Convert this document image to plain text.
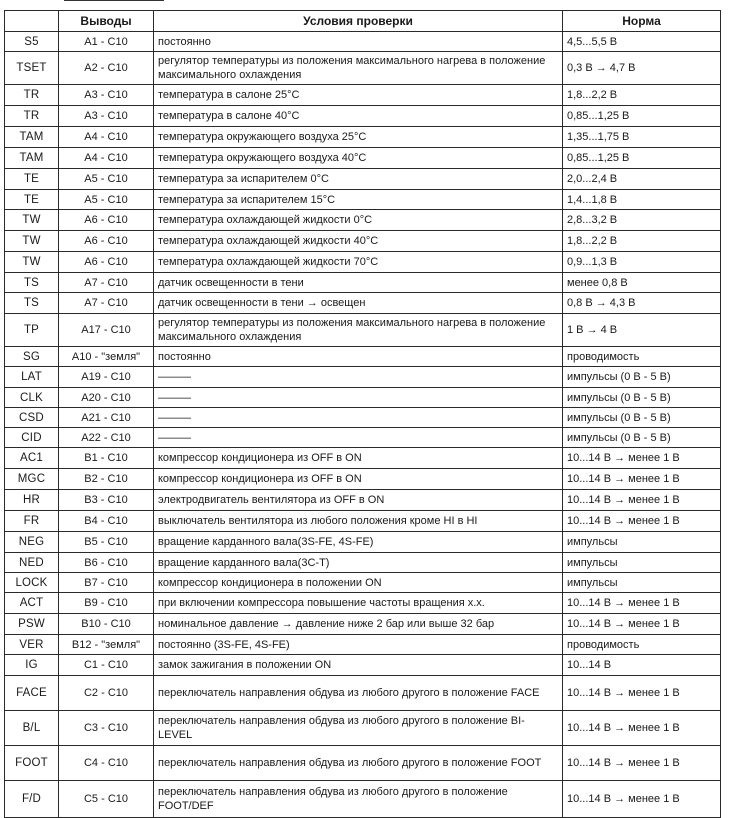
	Выводы	Условия проверки	Норма
S5	A1 - C10	постоянно	4,5...5,5 В
TSET	A2 - C10	регулятор температуры из положения максимального нагрева в положение максимального охлаждения	0,3 В → 4,7 В
TR	A3 - C10	температура в салоне 25°C	1,8...2,2 В
TR	A3 - C10	температура в салоне 40°C	0,85...1,25 В
TAM	A4 - C10	температура окружающего воздуха 25°C	1,35...1,75 В
TAM	A4 - C10	температура окружающего воздуха 40°C	0,85...1,25 В
TE	A5 - C10	температура за испарителем 0°C	2,0...2,4 В
TE	A5 - C10	температура за испарителем 15°C	1,4...1,8 В
TW	A6 - C10	температура охлаждающей жидкости 0°C	2,8...3,2 В
TW	A6 - C10	температура охлаждающей жидкости 40°C	1,8...2,2 В
TW	A6 - C10	температура охлаждающей жидкости 70°C	0,9...1,3 В
TS	A7 - C10	датчик освещенности в тени	менее 0,8 В
TS	A7 - C10	датчик освещенности в тени → освещен	0,8 В → 4,3 В
TP	A17 - C10	регулятор температуры из положения максимального нагрева в положение максимального охлаждения	1 В → 4 В
SG	A10 - "земля"	постоянно	проводимость
LAT	A19 - C10	———	импульсы (0 В - 5 В)
CLK	A20 - C10	———	импульсы (0 В - 5 В)
CSD	A21 - C10	———	импульсы (0 В - 5 В)
CID	A22 - C10	———	импульсы (0 В - 5 В)
AC1	B1 - C10	компрессор кондиционера из OFF в ON	10...14 В → менее 1 В
MGC	B2 - C10	компрессор кондиционера из OFF в ON	10...14 В → менее 1 В
HR	B3 - C10	электродвигатель вентилятора из OFF в ON	10...14 В → менее 1 В
FR	B4 - C10	выключатель вентилятора из любого положения кроме HI в HI	10...14 В → менее 1 В
NEG	B5 - C10	вращение карданного вала(3S-FE, 4S-FE)	импульсы
NED	B6 - C10	вращение карданного вала(3C-T)	импульсы
LOCK	B7 - C10	компрессор кондиционера в положении ON	импульсы
ACT	B9 - C10	при включении компрессора повышение частоты вращения х.х.	10...14 В → менее 1 В
PSW	B10 - C10	номинальное давление → давление ниже 2 бар или выше 32 бар	10...14 В → менее 1 В
VER	B12 - "земля"	постоянно (3S-FE, 4S-FE)	проводимость
IG	C1 - C10	замок зажигания в положении ON	10...14 В
FACE	C2 - C10	переключатель направления обдува из любого другого в положение FACE	10...14 В → менее 1 В
B/L	C3 - C10	переключатель направления обдува из любого другого в положение BI-LEVEL	10...14 В → менее 1 В
FOOT	C4 - C10	переключатель направления обдува из любого другого в положение FOOT	10...14 В → менее 1 В
F/D	C5 - C10	переключатель направления обдува из любого другого в положение FOOT/DEF	10...14 В → менее 1 В
